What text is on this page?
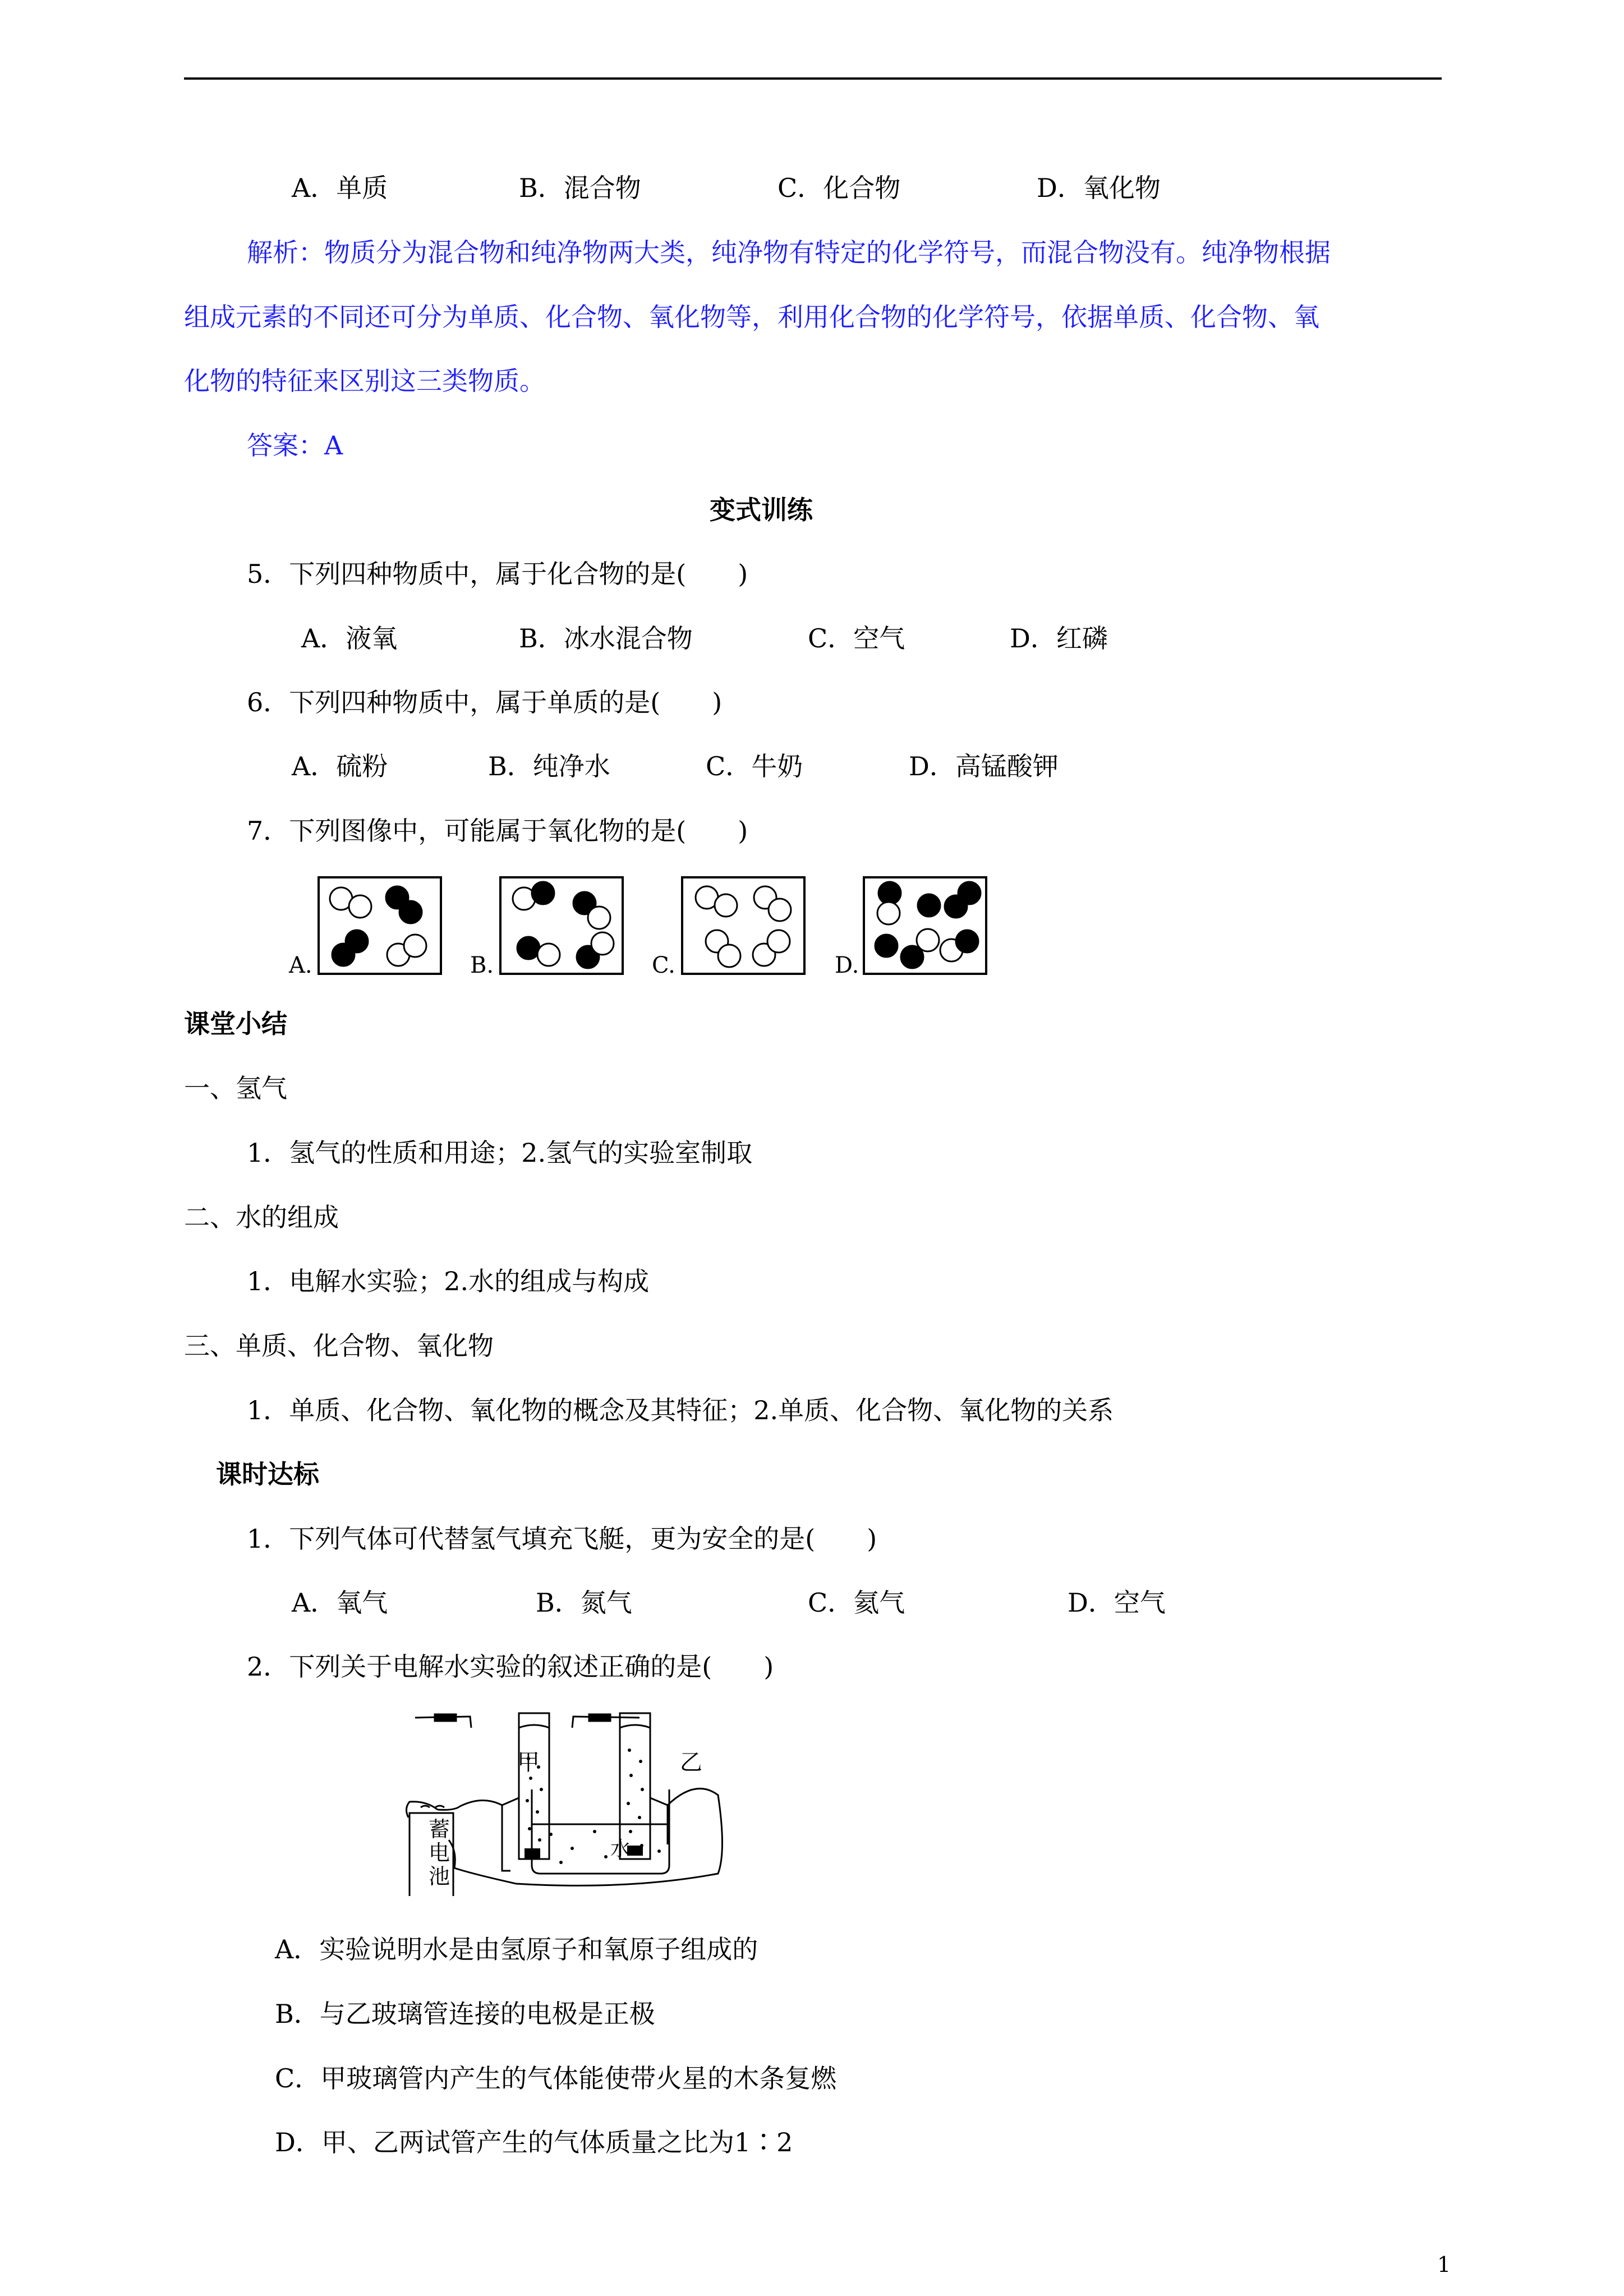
A．单质	B．混合物	C．化合物	D．氧化物
解析：物质分为混合物和纯净物两大类，纯净物有特定的化学符号，而混合物没有。纯净物根据
组成元素的不同还可分为单质、化合物、氧化物等，利用化合物的化学符号，依据单质、化合物、氧
化物的特征来区别这三类物质。
答案：A
变式训练
5．下列四种物质中，属于化合物的是(　　)
A．液氧	B．冰水混合物	C．空气	D．红磷
6．下列四种物质中，属于单质的是(　　)
A．硫粉	B．纯净水	C．牛奶	D．高锰酸钾
7．下列图像中，可能属于氧化物的是(　　)
A.	B.	C.	D.
课堂小结
一、氢气
1．氢气的性质和用途；2.氢气的实验室制取
二、水的组成
1．电解水实验；2.水的组成与构成
三、单质、化合物、氧化物
1．单质、化合物、氧化物的概念及其特征；2.单质、化合物、氧化物的关系
课时达标
1．下列气体可代替氢气填充飞艇，更为安全的是(　　)
A．氧气	B．氮气	C．氦气	D．空气
2．下列关于电解水实验的叙述正确的是(　　)
甲	乙
水
蓄
电
池
A．实验说明水是由氢原子和氧原子组成的
B．与乙玻璃管连接的电极是正极
C．甲玻璃管内产生的气体能使带火星的木条复燃
D．甲、乙两试管产生的气体质量之比为1∶2
1
